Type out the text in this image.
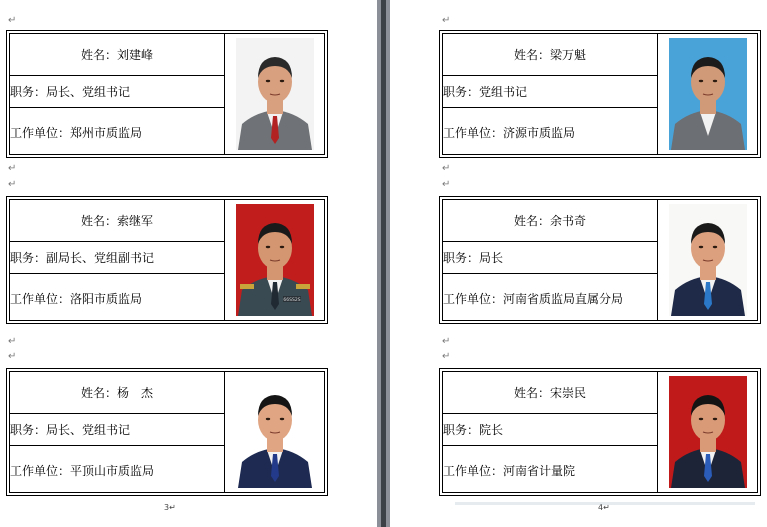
↵
↵
↵
↵
↵
姓名：刘建峰
职务：局长、党组书记
工作单位：郑州市质监局
姓名：索继军
职务：副局长、党组副书记
工作单位：洛阳市质监局	66SS2S
姓名：杨　杰
职务：局长、党组书记
工作单位：平顶山市质监局
3↵
↵
↵
↵
↵
↵
姓名：梁万魁
职务：党组书记
工作单位：济源市质监局
姓名：余书奇
职务：局长
工作单位：河南省质监局直属分局
姓名：宋崇民
职务：院长
工作单位：河南省计量院
4↵
